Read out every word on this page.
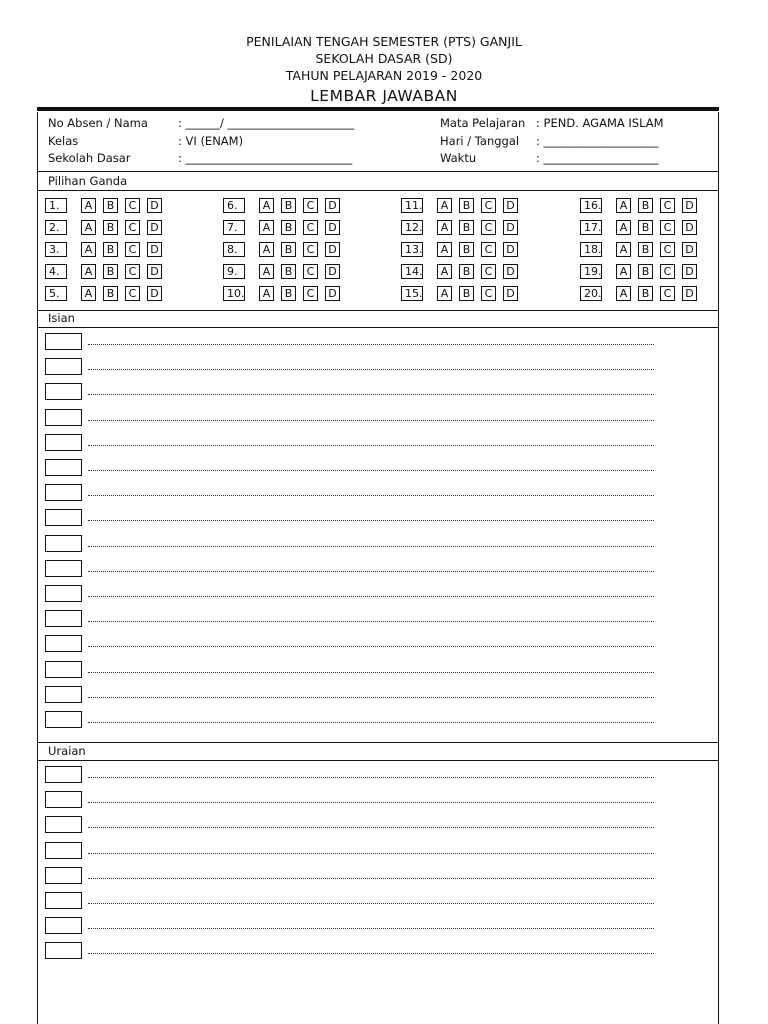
PENILAIAN TENGAH SEMESTER (PTS) GANJIL
SEKOLAH DASAR (SD)
TAHUN PELAJARAN 2019 - 2020
LEMBAR JAWABAN
No Absen / Nama	: ______/ ______________________
Kelas	: VI (ENAM)
Sekolah Dasar	: _____________________________
Mata Pelajaran : PEND. AGAMA ISLAM
Hari / Tanggal : ____________________
Waktu	: ____________________
Pilihan Ganda
1.	A	B	C	D
2.	A	B	C	D
3.	A	B	C	D
4.	A	B	C	D
5.	A	B	C	D
6.	A	B	C	D
7.	A	B	C	D
8.	A	B	C	D
9.	A	B	C	D
10.	A	B	C	D
11.	A	B	C	D
12.	A	B	C	D
13.	A	B	C	D
14.	A	B	C	D
15.	A	B	C	D
16.	A	B	C	D
17.	A	B	C	D
18.	A	B	C	D
19.	A	B	C	D
20.	A	B	C	D
Isian
Uraian
